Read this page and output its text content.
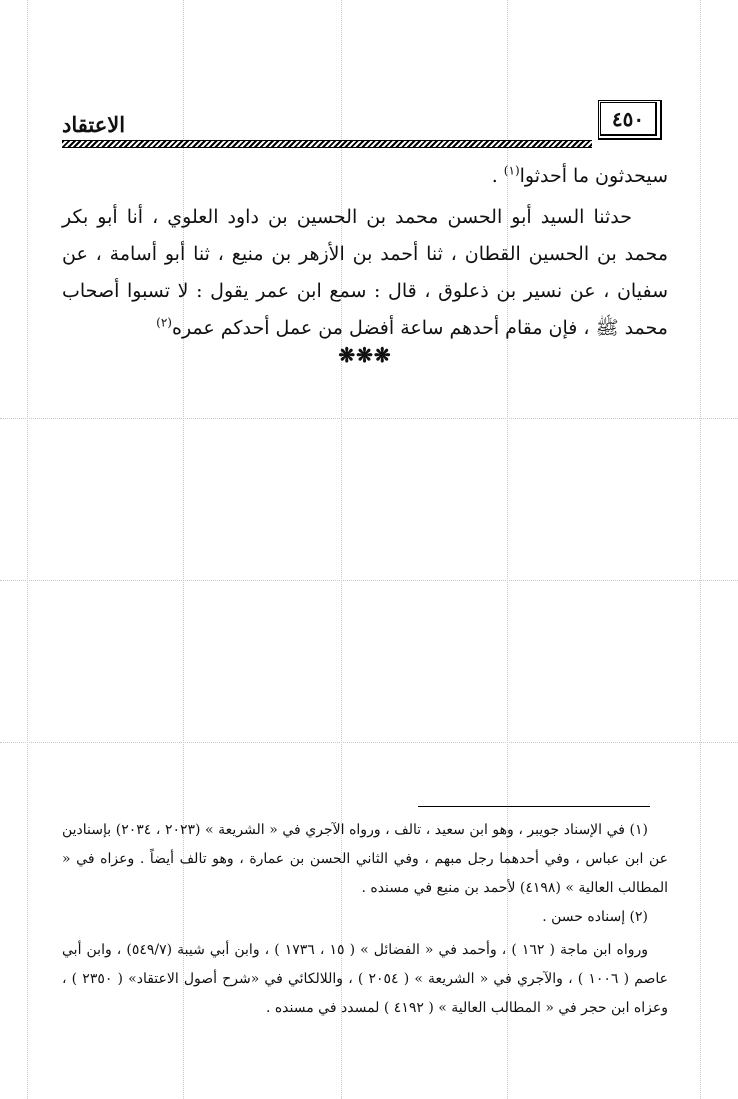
الاعتقاد	٤٥٠

سيحدثون ما أحدثوا$^{(١)}$ .

حدثنا السيد أبو الحسن محمد بن الحسين بن داود العلوي ، أنا أبو بكر محمد بن الحسين القطان ، ثنا أحمد بن الأزهر بن منيع ، ثنا أبو أسامة ، عن سفيان ، عن نسير بن ذعلوق ، قال : سمع ابن عمر يقول : لا تسبوا أصحاب محمد ﷺ ، فإن مقام أحدهم ساعة أفضل من عمل أحدكم عمره$^{(٢)}$

❋❋❋

(١) في الإسناد جويبر ، وهو ابن سعيد ، تالف ، ورواه الآجري في « الشريعة » (٢٠٢٣ ، ٢٠٣٤) بإسنادين عن ابن عباس ، وفي أحدهما رجل مبهم ، وفي الثاني الحسن بن عمارة ، وهو تالف أيضاً . وعزاه في « المطالب العالية » (٤١٩٨) لأحمد بن منيع في مسنده .

(٢) إسناده حسن .

ورواه ابن ماجة ( ١٦٢ ) ، وأحمد في « الفضائل » ( ١٥ ، ١٧٣٦ ) ، وابن أبي شيبة (٥٤٩/٧) ، وابن أبي عاصم ( ١٠٠٦ ) ، والآجري في « الشريعة » ( ٢٠٥٤ ) ، واللالكائي في «شرح أصول الاعتقاد» ( ٢٣٥٠ ) ، وعزاه ابن حجر في « المطالب العالية » ( ٤١٩٢ ) لمسدد في مسنده .
